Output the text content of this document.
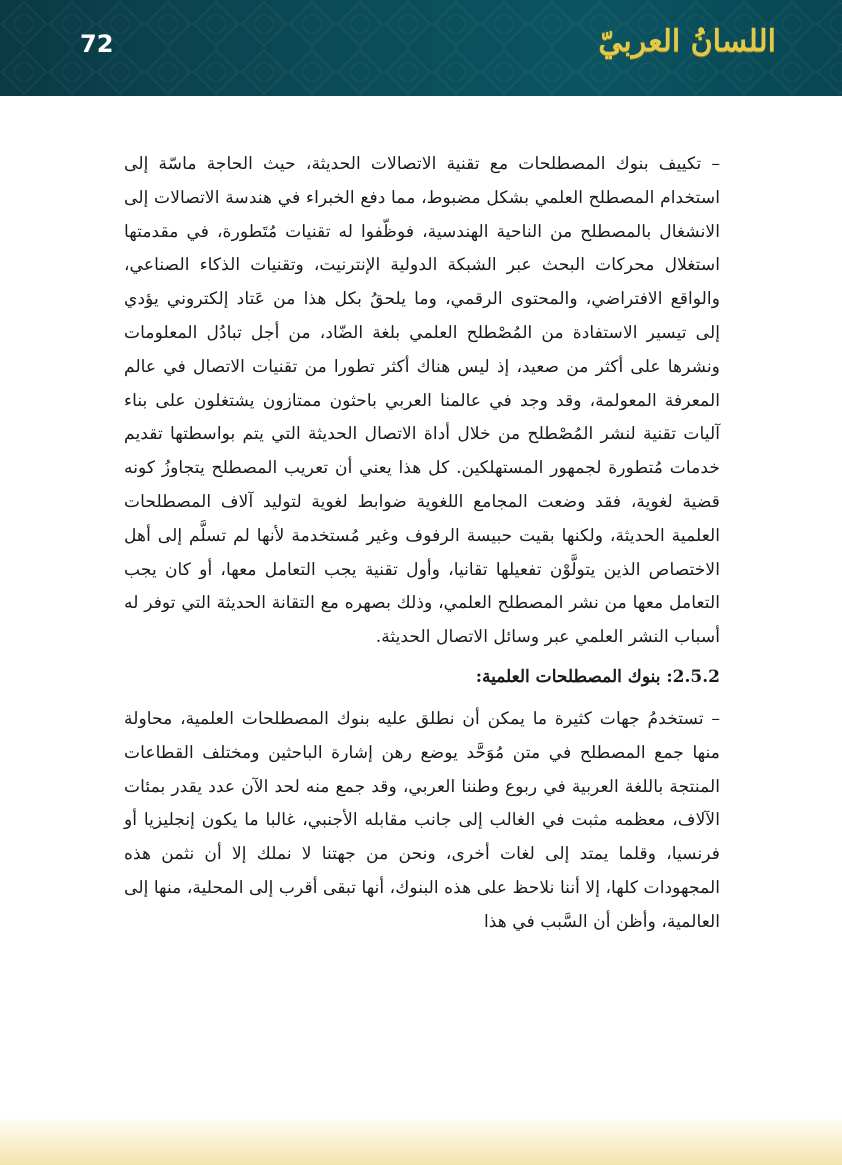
72	اللسانُ العربيّ

– تكييف بنوك المصطلحات مع تقنية الاتصالات الحديثة، حيث الحاجة ماسّة إلى استخدام المصطلح العلمي بشكل مضبوط، مما دفع الخبراء في هندسة الاتصالات إلى الانشغال بالمصطلح من الناحية الهندسية، فوظّفوا له تقنيات مُتَطورة، في مقدمتها استغلال محركات البحث عبر الشبكة الدولية الإنترنيت، وتقنيات الذكاء الصناعي، والواقع الافتراضي، والمحتوى الرقمي، وما يلحقُ بكل هذا من عَتاد إلكتروني يؤدي إلى تيسير الاستفادة من المُصْطلح العلمي بلغة الضّاد، من أجل تبادُل المعلومات ونشرها على أكثر من صعيد، إذ ليس هناك أكثر تطورا من تقنيات الاتصال في عالم المعرفة المعولمة، وقد وجد في عالمنا العربي باحثون ممتازون يشتغلون على بناء آليات تقنية لنشر المُصْطلح من خلال أداة الاتصال الحديثة التي يتم بواسطتها تقديم خدمات مُتطورة لجمهور المستهلكين. كل هذا يعني أن تعريب المصطلح يتجاوزُ كونه قضية لغوية، فقد وضعت المجامع اللغوية ضوابط لغوية لتوليد آلاف المصطلحات العلمية الحديثة، ولكنها بقيت حبيسة الرفوف وغير مُستخدمة لأنها لم تسلَّم إلى أهل الاختصاص الذين يتولَّوْن تفعيلها تقانيا، وأول تقنية يجب التعامل معها، أو كان يجب التعامل معها من نشر المصطلح العلمي، وذلك بصهره مع التقانة الحديثة التي توفر له أسباب النشر العلمي عبر وسائل الاتصال الحديثة.

2.5.2: بنوك المصطلحات العلمية:

– تستخدمُ جهات كثيرة ما يمكن أن نطلق عليه بنوك المصطلحات العلمية، محاولة منها جمع المصطلح في متن مُوَحَّد يوضع رهن إشارة الباحثين ومختلف القطاعات المنتجة باللغة العربية في ربوع وطننا العربي، وقد جمع منه لحد الآن عدد يقدر بمئات الآلاف، معظمه مثبت في الغالب إلى جانب مقابله الأجنبي، غالبا ما يكون إنجليزيا أو فرنسيا، وقلما يمتد إلى لغات أخرى، ونحن من جهتنا لا نملك إلا أن نثمن هذه المجهودات كلها، إلا أننا نلاحظ على هذه البنوك، أنها تبقى أقرب إلى المحلية، منها إلى العالمية، وأظن أن السَّبب في هذا
